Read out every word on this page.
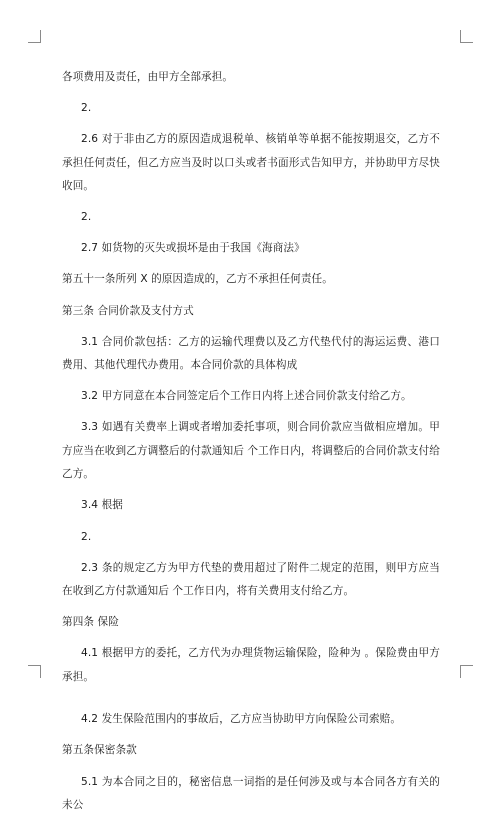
各项费用及责任，由甲方全部承担。

2.

2.6 对于非由乙方的原因造成退税单、核销单等单据不能按期退交，乙方不承担任何责任，但乙方应当及时以口头或者书面形式告知甲方，并协助甲方尽快收回。

2.

2.7 如货物的灭失或损坏是由于我国《海商法》

第五十一条所列 X 的原因造成的，乙方不承担任何责任。

第三条 合同价款及支付方式

3.1 合同价款包括：乙方的运输代理费以及乙方代垫代付的海运运费、港口费用、其他代理代办费用。本合同价款的具体构成

3.2 甲方同意在本合同签定后个工作日内将上述合同价款支付给乙方。

3.3 如遇有关费率上调或者增加委托事项，则合同价款应当做相应增加。甲方应当在收到乙方调整后的付款通知后 个工作日内，将调整后的合同价款支付给乙方。

3.4 根据

2.

2.3 条的规定乙方为甲方代垫的费用超过了附件二规定的范围，则甲方应当在收到乙方付款通知后 个工作日内，将有关费用支付给乙方。

第四条 保险

4.1 根据甲方的委托，乙方代为办理货物运输保险，险种为 。保险费由甲方承担。

4.2 发生保险范围内的事故后，乙方应当协助甲方向保险公司索赔。

第五条保密条款

5.1 为本合同之目的，秘密信息一词指的是任何涉及或与本合同各方有关的未公
